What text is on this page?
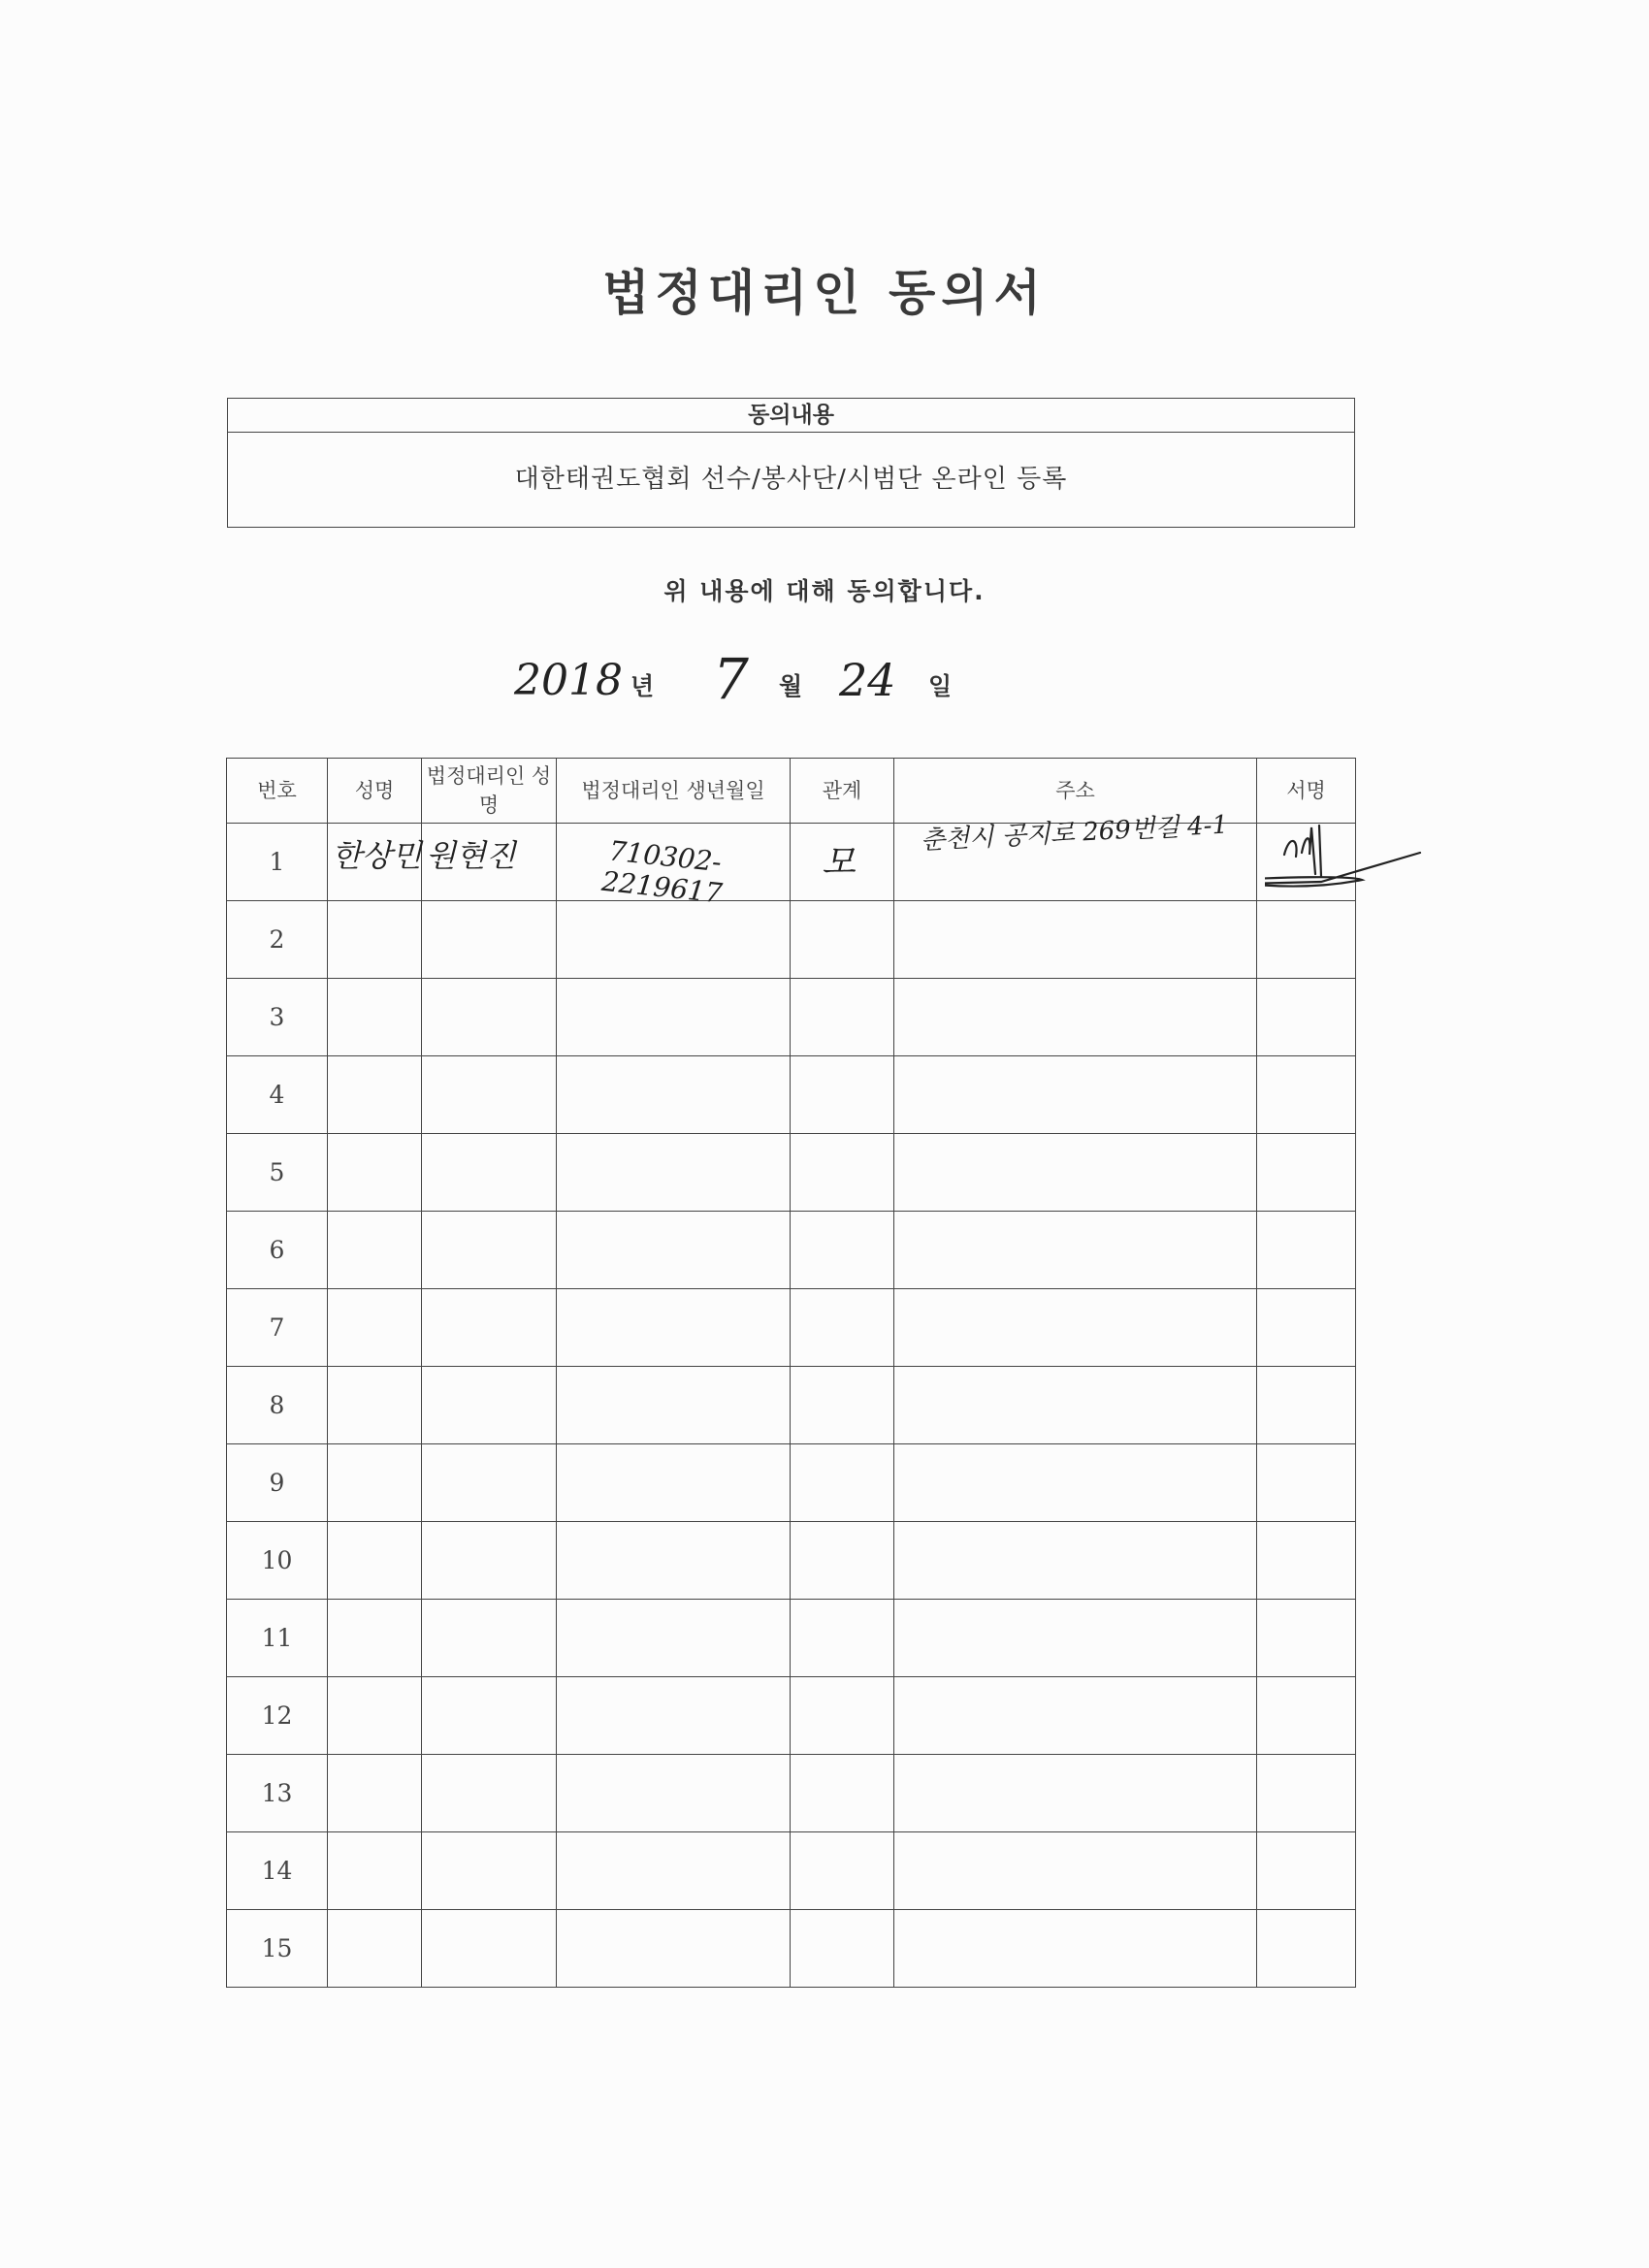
법정대리인 동의서
동의내용
대한태권도협회 선수/봉사단/시범단 온라인 등록
위 내용에 대해 동의합니다.
2018 년 7 월 24 일
번호	성명	법정대리인 성명	법정대리인 생년월일	관계	주소	서명
1	한상민	원현진	710302-2219617	모	춘천시 공지로 269번길 4-1

2						
3						
4						
5						
6						
7						
8						
9						
10						
11						
12						
13						
14						
15						
